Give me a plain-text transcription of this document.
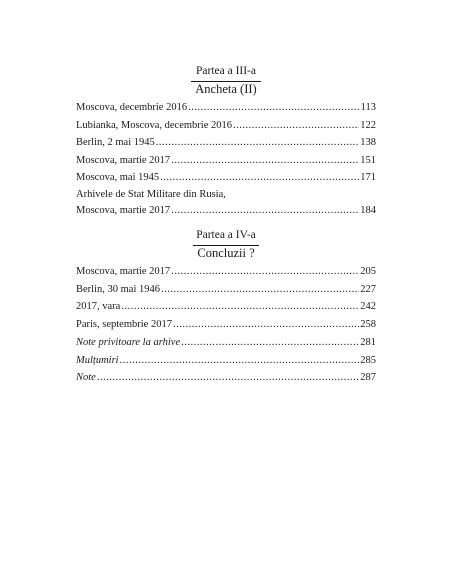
Partea a III-a
Ancheta (II)
Moscova, decembrie 2016 .....	113
Lubianka, Moscova, decembrie 2016 .....	122
Berlin, 2 mai 1945 .....	138
Moscova, martie 2017 .....	151
Moscova, mai 1945 .....	171
Arhivele de Stat Militare din Rusia,
Moscova, martie 2017 .....	184
Partea a IV-a
Concluzii ?
Moscova, martie 2017 .....	205
Berlin, 30 mai 1946 .....	227
2017, vara .....	242
Paris, septembrie 2017 .....	258
Note privitoare la arhive .....	281
Mulțumiri .....	285
Note .....	287
